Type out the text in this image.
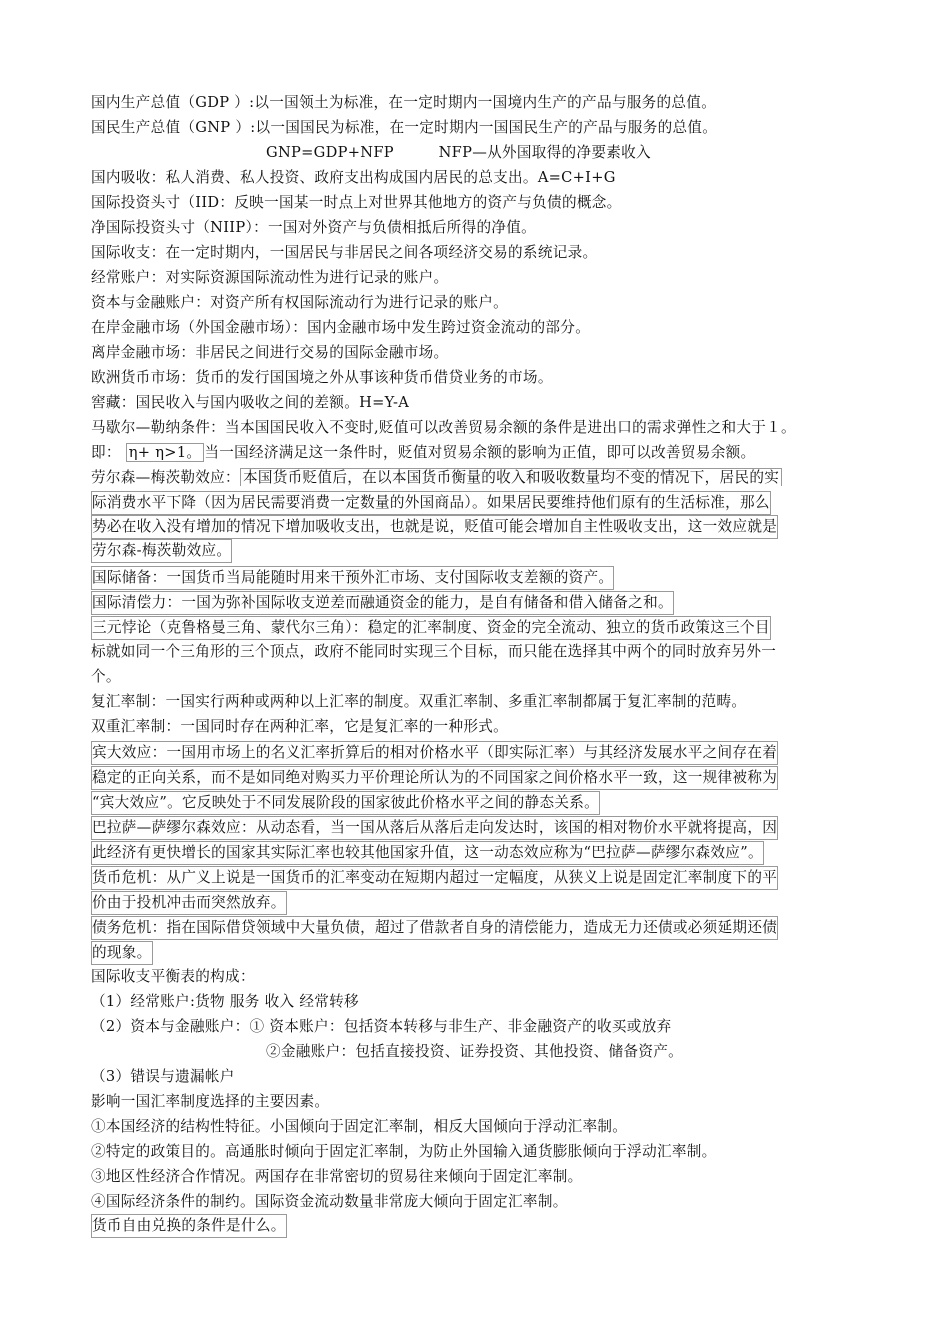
国内生产总值（GDP ）:以一国领土为标准，在一定时期内一国境内生产的产品与服务的总值。
国民生产总值（GNP ）:以一国国民为标准，在一定时期内一国国民生产的产品与服务的总值。
GNP=GDP+NFP　　　NFP—从外国取得的净要素收入
国内吸收：私人消费、私人投资、政府支出构成国内居民的总支出。A=C+I+G
国际投资头寸（IID：反映一国某一时点上对世界其他地方的资产与负债的概念。
净国际投资头寸（NIIP）：一国对外资产与负债相抵后所得的净值。
国际收支：在一定时期内，一国居民与非居民之间各项经济交易的系统记录。
经常账户：对实际资源国际流动性为进行记录的账户。
资本与金融账户：对资产所有权国际流动行为进行记录的账户。
在岸金融市场（外国金融市场）：国内金融市场中发生跨过资金流动的部分。
离岸金融市场：非居民之间进行交易的国际金融市场。
欧洲货币市场：货币的发行国国境之外从事该种货币借贷业务的市场。
窖藏：国民收入与国内吸收之间的差额。H=Y-A
马歇尔—勒纳条件：当本国国民收入不变时,贬值可以改善贸易余额的条件是进出口的需求弹性之和大于１。
即： η+ η>1。 当一国经济满足这一条件时，贬值对贸易余额的影响为正值，即可以改善贸易余额。
劳尔森—梅茨勒效应： 本国货币贬值后，在以本国货币衡量的收入和吸收数量均不变的情况下，居民的实
际消费水平下降（因为居民需要消费一定数量的外国商品）。如果居民要维持他们原有的生活标准，那么
势必在收入没有增加的情况下增加吸收支出，也就是说，贬值可能会增加自主性吸收支出，这一效应就是
劳尔森-梅茨勒效应。
国际储备：一国货币当局能随时用来干预外汇市场、支付国际收支差额的资产。
国际清偿力：一国为弥补国际收支逆差而融通资金的能力，是自有储备和借入储备之和。
三元悖论（克鲁格曼三角、蒙代尔三角）：稳定的汇率制度、资金的完全流动、独立的货币政策这三个目
标就如同一个三角形的三个顶点，政府不能同时实现三个目标，而只能在选择其中两个的同时放弃另外一
个。
复汇率制：一国实行两种或两种以上汇率的制度。双重汇率制、多重汇率制都属于复汇率制的范畴。
双重汇率制：一国同时存在两种汇率，它是复汇率的一种形式。
宾大效应：一国用市场上的名义汇率折算后的相对价格水平（即实际汇率）与其经济发展水平之间存在着
稳定的正向关系，而不是如同绝对购买力平价理论所认为的不同国家之间价格水平一致，这一规律被称为
“宾大效应”。它反映处于不同发展阶段的国家彼此价格水平之间的静态关系。
巴拉萨—萨缪尔森效应：从动态看，当一国从落后从落后走向发达时，该国的相对物价水平就将提高，因
此经济有更快增长的国家其实际汇率也较其他国家升值，这一动态效应称为“巴拉萨—萨缪尔森效应”。
货币危机：从广义上说是一国货币的汇率变动在短期内超过一定幅度，从狭义上说是固定汇率制度下的平
价由于投机冲击而突然放弃。
债务危机：指在国际借贷领域中大量负债，超过了借款者自身的清偿能力，造成无力还债或必须延期还债
的现象。
国际收支平衡表的构成：
（1）经常账户:货物 服务 收入 经常转移
（2）资本与金融账户：① 资本账户：包括资本转移与非生产、非金融资产的收买或放弃
②金融账户：包括直接投资、证券投资、其他投资、储备资产。
（3）错误与遗漏帐户
影响一国汇率制度选择的主要因素。
①本国经济的结构性特征。小国倾向于固定汇率制，相反大国倾向于浮动汇率制。
②特定的政策目的。高通胀时倾向于固定汇率制，为防止外国输入通货膨胀倾向于浮动汇率制。
③地区性经济合作情况。两国存在非常密切的贸易往来倾向于固定汇率制。
④国际经济条件的制约。国际资金流动数量非常庞大倾向于固定汇率制。
货币自由兑换的条件是什么。
